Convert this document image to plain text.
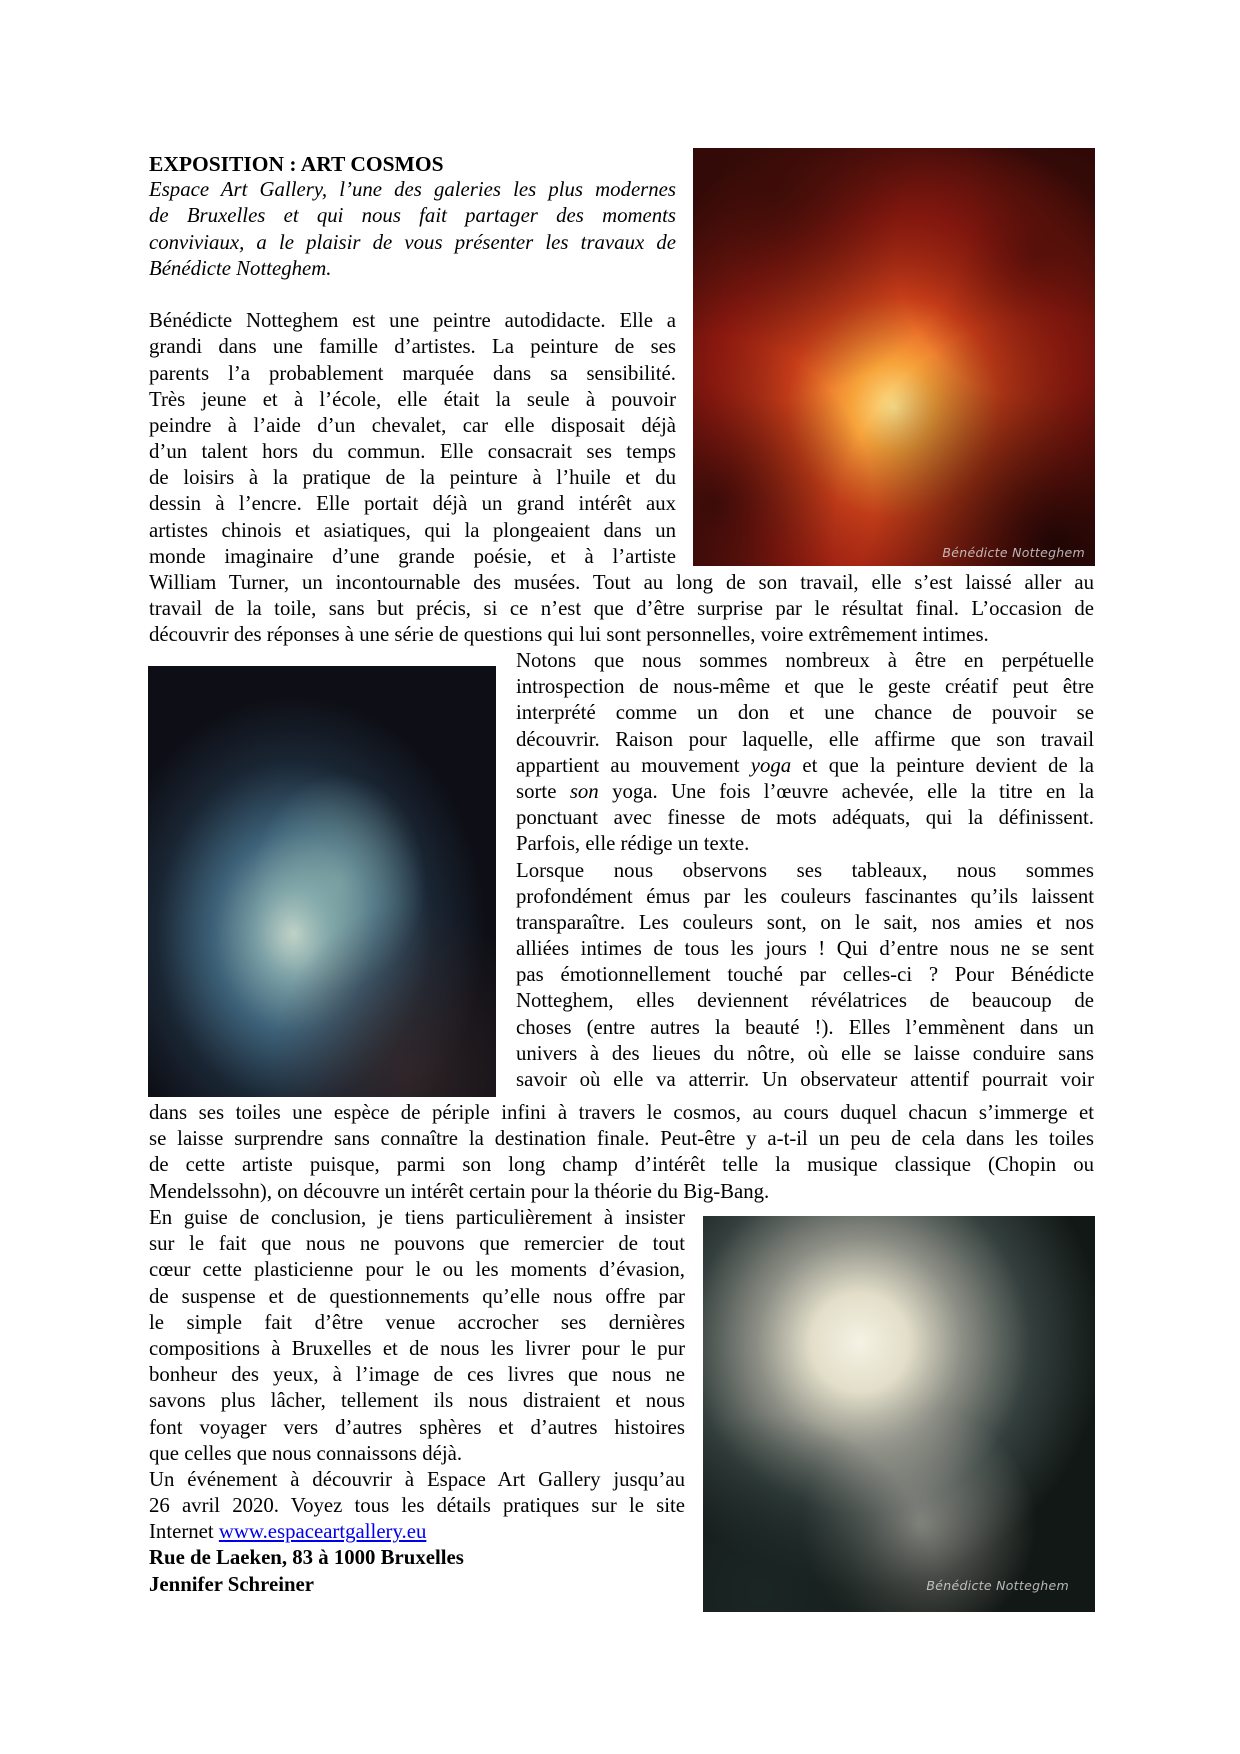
Bénédicte Notteghem
Bénédicte Notteghem
EXPOSITION : ART COSMOS
Espace Art Gallery, l’une des galeries les plus modernes
de Bruxelles et qui nous fait partager des moments
conviviaux, a le plaisir de vous présenter les travaux de
Bénédicte Notteghem.
Bénédicte Notteghem est une peintre autodidacte. Elle a
grandi dans une famille d’artistes. La peinture de ses
parents l’a probablement marquée dans sa sensibilité.
Très jeune et à l’école, elle était la seule à pouvoir
peindre à l’aide d’un chevalet, car elle disposait déjà
d’un talent hors du commun. Elle consacrait ses temps
de loisirs à la pratique de la peinture à l’huile et du
dessin à l’encre. Elle portait déjà un grand intérêt aux
artistes chinois et asiatiques, qui la plongeaient dans un
monde imaginaire d’une grande poésie, et à l’artiste
William Turner, un incontournable des musées. Tout au long de son travail, elle s’est laissé aller au
travail de la toile, sans but précis, si ce n’est que d’être surprise par le résultat final. L’occasion de
découvrir des réponses à une série de questions qui lui sont personnelles, voire extrêmement intimes.
Notons que nous sommes nombreux à être en perpétuelle
introspection de nous-même et que le geste créatif peut être
interprété comme un don et une chance de pouvoir se
découvrir. Raison pour laquelle, elle affirme que son travail
appartient au mouvement yoga et que la peinture devient de la
sorte son yoga. Une fois l’œuvre achevée, elle la titre en la
ponctuant avec finesse de mots adéquats, qui la définissent.
Parfois, elle rédige un texte.
Lorsque nous observons ses tableaux, nous sommes
profondément émus par les couleurs fascinantes qu’ils laissent
transparaître. Les couleurs sont, on le sait, nos amies et nos
alliées intimes de tous les jours ! Qui d’entre nous ne se sent
pas émotionnellement touché par celles-ci ? Pour Bénédicte
Notteghem, elles deviennent révélatrices de beaucoup de
choses (entre autres la beauté !). Elles l’emmènent dans un
univers à des lieues du nôtre, où elle se laisse conduire sans
savoir où elle va atterrir. Un observateur attentif pourrait voir
dans ses toiles une espèce de périple infini à travers le cosmos, au cours duquel chacun s’immerge et
se laisse surprendre sans connaître la destination finale. Peut-être y a-t-il un peu de cela dans les toiles
de cette artiste puisque, parmi son long champ d’intérêt telle la musique classique (Chopin ou
Mendelssohn), on découvre un intérêt certain pour la théorie du Big-Bang.
En guise de conclusion, je tiens particulièrement à insister
sur le fait que nous ne pouvons que remercier de tout
cœur cette plasticienne pour le ou les moments d’évasion,
de suspense et de questionnements qu’elle nous offre par
le simple fait d’être venue accrocher ses dernières
compositions à Bruxelles et de nous les livrer pour le pur
bonheur des yeux, à l’image de ces livres que nous ne
savons plus lâcher, tellement ils nous distraient et nous
font voyager vers d’autres sphères et d’autres histoires
que celles que nous connaissons déjà.
Un événement à découvrir à Espace Art Gallery jusqu’au
26 avril 2020. Voyez tous les détails pratiques sur le site
Internet www.espaceartgallery.eu
Rue de Laeken, 83 à 1000 Bruxelles
Jennifer Schreiner
